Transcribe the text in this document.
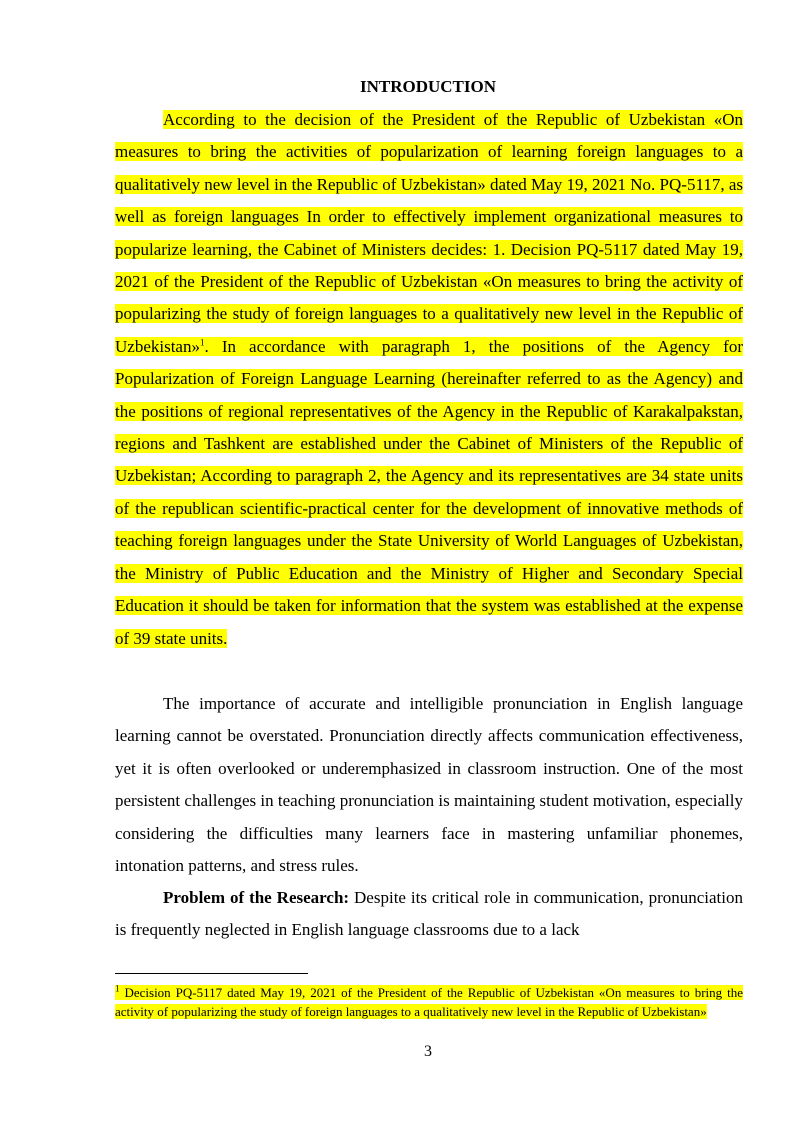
INTRODUCTION

According to the decision of the President of the Republic of Uzbekistan «On measures to bring the activities of popularization of learning foreign languages to a qualitatively new level in the Republic of Uzbekistan» dated May 19, 2021 No. PQ-5117, as well as foreign languages In order to effectively implement organizational measures to popularize learning, the Cabinet of Ministers decides: 1. Decision PQ-5117 dated May 19, 2021 of the President of the Republic of Uzbekistan «On measures to bring the activity of popularizing the study of foreign languages to a qualitatively new level in the Republic of Uzbekistan»$^1$. In accordance with paragraph 1, the positions of the Agency for Popularization of Foreign Language Learning (hereinafter referred to as the Agency) and the positions of regional representatives of the Agency in the Republic of Karakalpakstan, regions and Tashkent are established under the Cabinet of Ministers of the Republic of Uzbekistan; According to paragraph 2, the Agency and its representatives are 34 state units of the republican scientific-practical center for the development of innovative methods of teaching foreign languages under the State University of World Languages of Uzbekistan, the Ministry of Public Education and the Ministry of Higher and Secondary Special Education it should be taken for information that the system was established at the expense of 39 state units.

The importance of accurate and intelligible pronunciation in English language learning cannot be overstated. Pronunciation directly affects communication effectiveness, yet it is often overlooked or underemphasized in classroom instruction. One of the most persistent challenges in teaching pronunciation is maintaining student motivation, especially considering the difficulties many learners face in mastering unfamiliar phonemes, intonation patterns, and stress rules.

Problem of the Research: Despite its critical role in communication, pronunciation is frequently neglected in English language classrooms due to a lack

$^1$ Decision PQ-5117 dated May 19, 2021 of the President of the Republic of Uzbekistan «On measures to bring the activity of popularizing the study of foreign languages to a qualitatively new level in the Republic of Uzbekistan»

3
